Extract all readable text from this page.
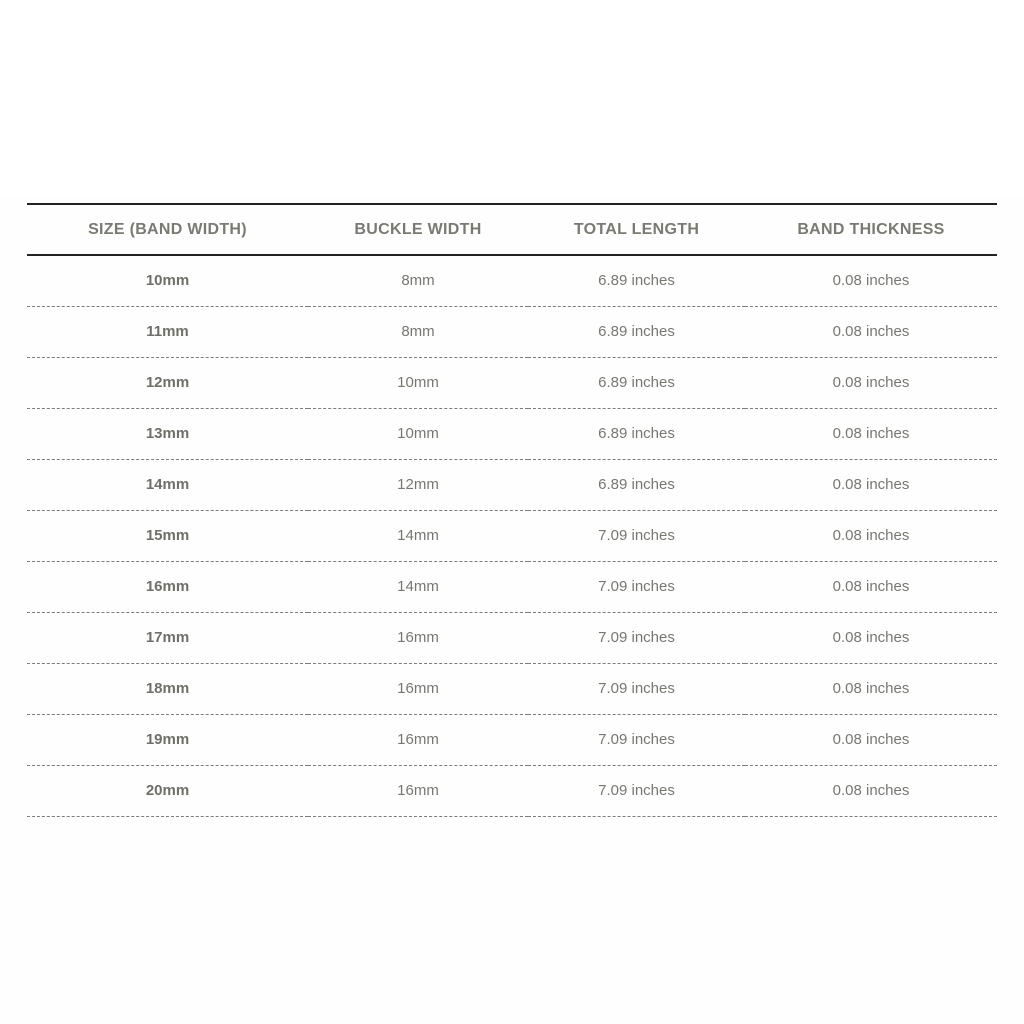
SIZE (BAND WIDTH)	BUCKLE WIDTH	TOTAL LENGTH	BAND THICKNESS
10mm	8mm	6.89 inches	0.08 inches
11mm	8mm	6.89 inches	0.08 inches
12mm	10mm	6.89 inches	0.08 inches
13mm	10mm	6.89 inches	0.08 inches
14mm	12mm	6.89 inches	0.08 inches
15mm	14mm	7.09 inches	0.08 inches
16mm	14mm	7.09 inches	0.08 inches
17mm	16mm	7.09 inches	0.08 inches
18mm	16mm	7.09 inches	0.08 inches
19mm	16mm	7.09 inches	0.08 inches
20mm	16mm	7.09 inches	0.08 inches
